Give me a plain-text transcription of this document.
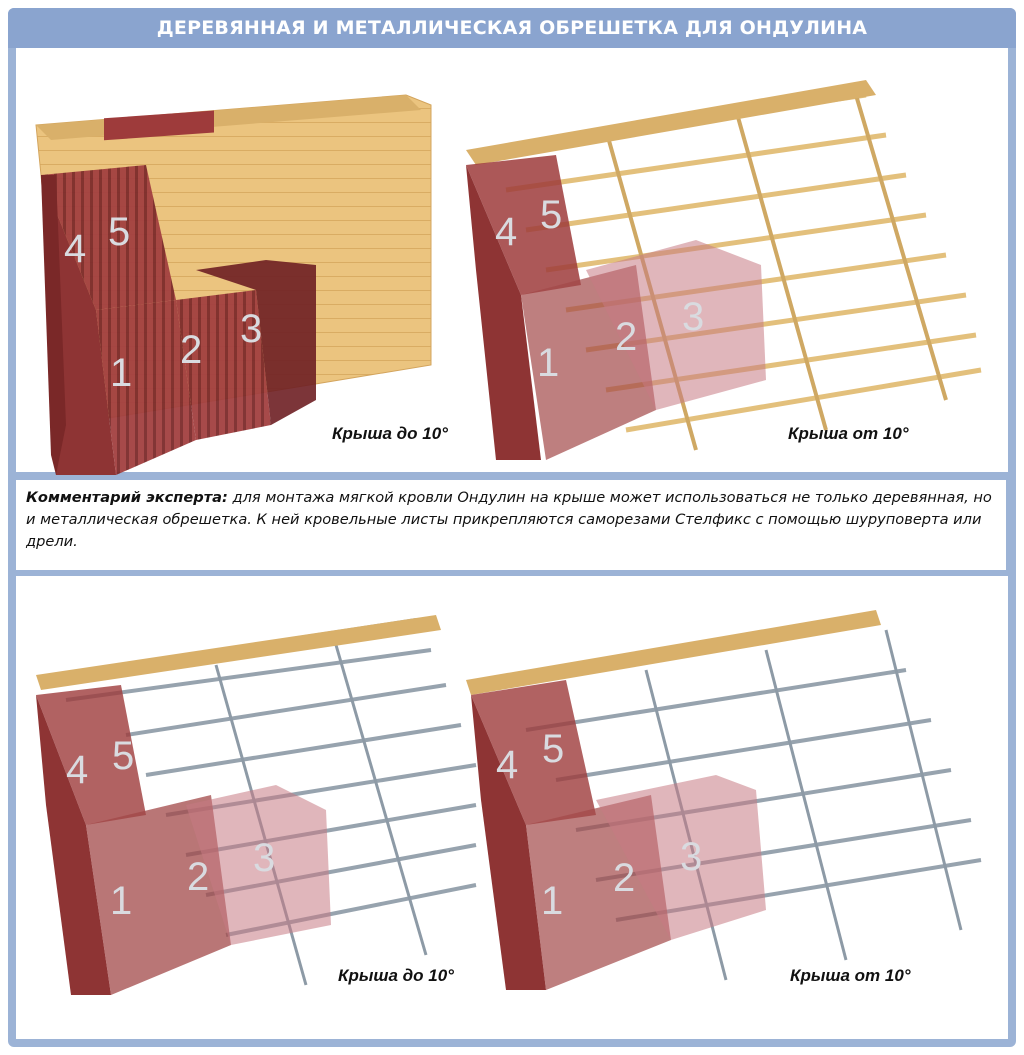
ДЕРЕВЯННАЯ И МЕТАЛЛИЧЕСКАЯ ОБРЕШЕТКА ДЛЯ ОНДУЛИНА
Комментарий эксперта: для монтажа мягкой кровли Ондулин на крыше может использоваться не только деревянная, но и металлическая обрешетка. К ней кровельные листы прикрепляются саморезами Стелфикс с помощью шуруповерта или дрели.
1
2 3
4 5
1
2 3
4 5
1
2 3
4 5
1
2 3
4 5
Крыша до 10°	Крыша от 10°
Крыша до 10°	Крыша от 10°
